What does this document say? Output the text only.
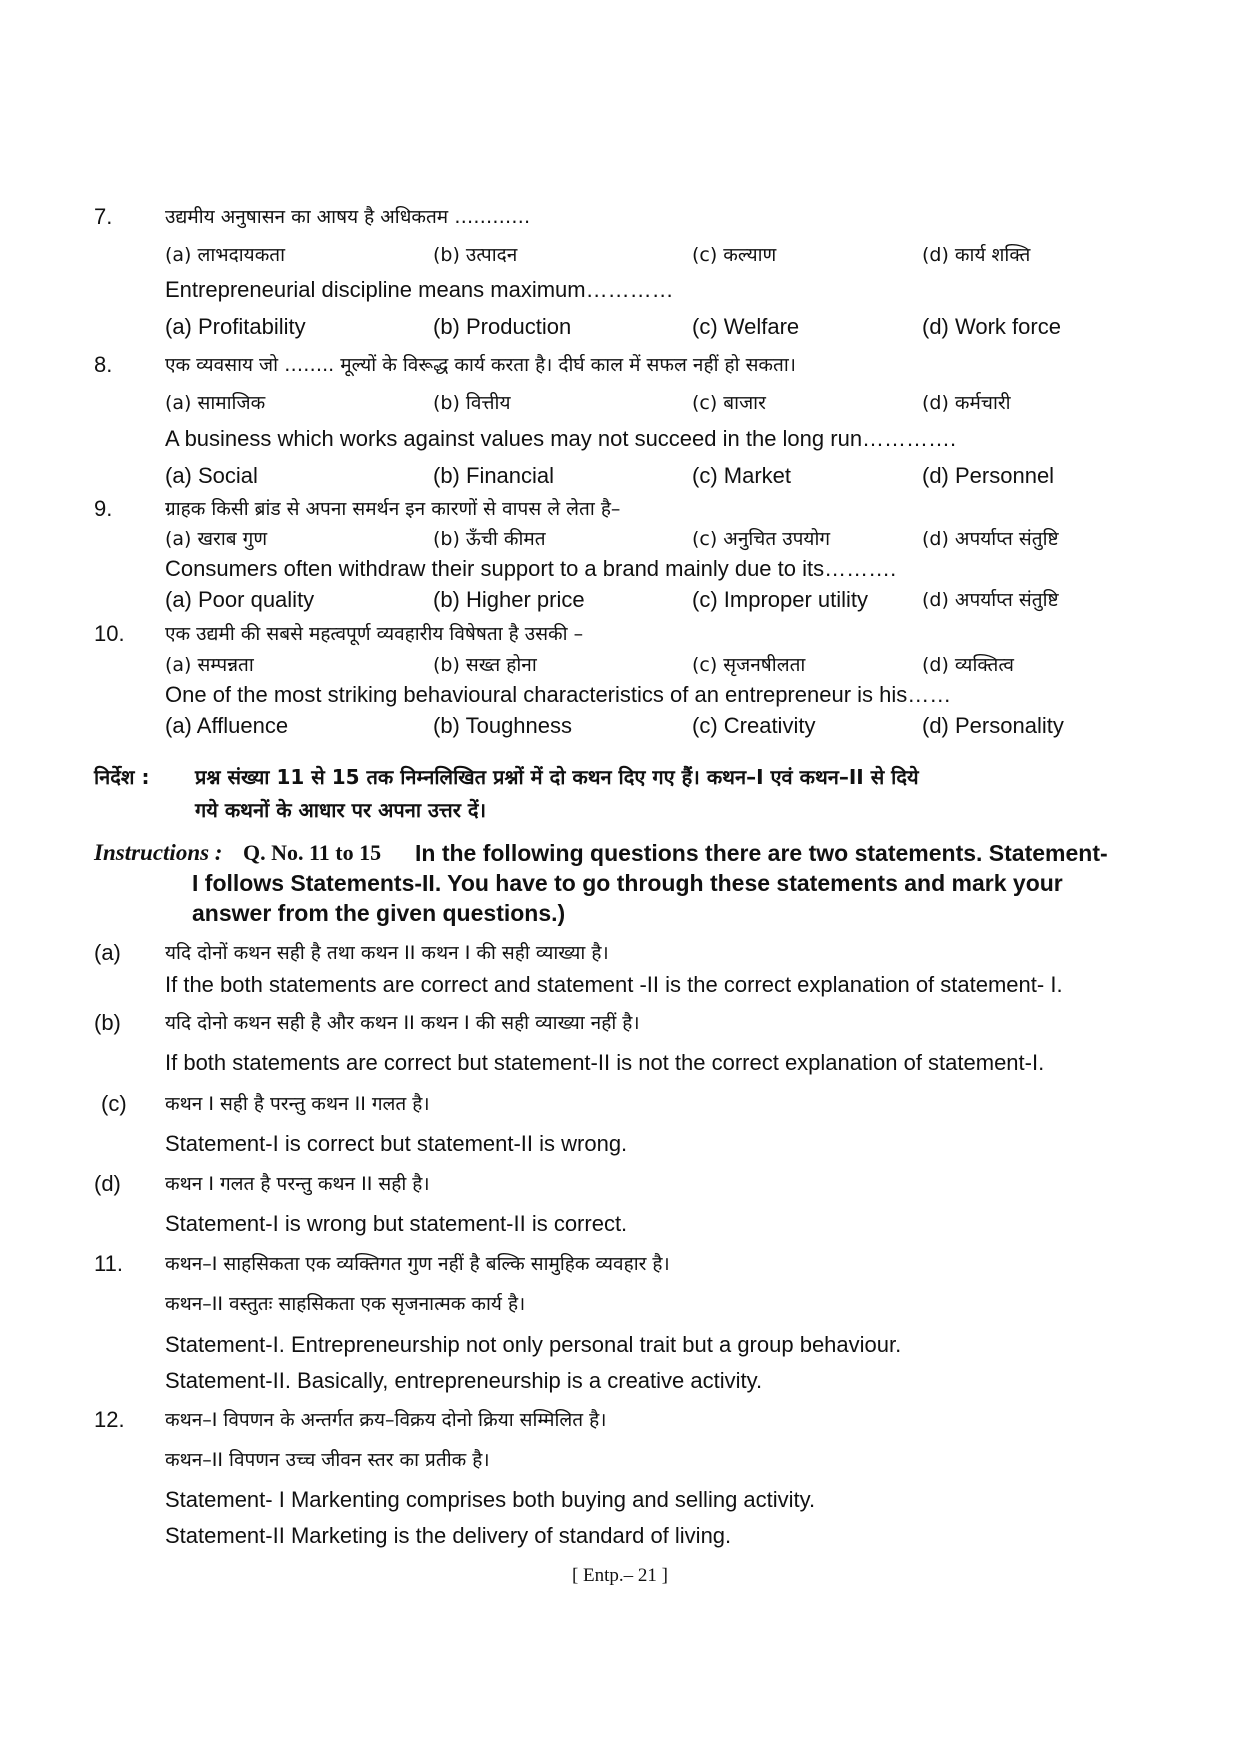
7.	उद्यमीय अनुषासन का आषय है अधिकतम …………
(a) लाभदायकता	(b) उत्पादन	(c) कल्याण	(d) कार्य शक्ति
Entrepreneurial discipline means maximum…………
(a) Profitability	(b) Production	(c) Welfare	(d) Work force
8.	एक व्यवसाय जो …….. मूल्यों के विरूद्ध कार्य करता है। दीर्घ काल में सफल नहीं हो सकता।
(a) सामाजिक	(b) वित्तीय	(c) बाजार	(d) कर्मचारी
A business which works against values may not succeed in the long run………….
(a) Social	(b) Financial	(c) Market	(d) Personnel
9.	ग्राहक किसी ब्रांड से अपना समर्थन इन कारणों से वापस ले लेता है–
(a) खराब गुण	(b) ऊँची कीमत	(c) अनुचित उपयोग	(d) अपर्याप्त संतुष्टि
Consumers often withdraw their support to a brand mainly due to its……….
(a) Poor quality	(b) Higher price	(c) Improper utility	(d) अपर्याप्त संतुष्टि
10. एक उद्यमी की सबसे महत्वपूर्ण व्यवहारीय विषेषता है उसकी –
(a) सम्पन्नता	(b) सख्त होना	(c) सृजनषीलता	(d) व्यक्तित्व
One of the most striking behavioural characteristics of an entrepreneur is his……
(a) Affluence	(b) Toughness	(c) Creativity	(d) Personality
निर्देश : प्रश्न संख्या 11 से 15 तक निम्नलिखित प्रश्नों में दो कथन दिए गए हैं। कथन–I एवं कथन–II से दिये
गये कथनों के आधार पर अपना उत्तर दें।
Instructions : Q. No. 11 to 15 In the following questions there are two statements. Statement-
I follows Statements-II. You have to go through these statements and mark your
answer from the given questions.)
(a) यदि दोनों कथन सही है तथा कथन II कथन I की सही व्याख्या है।
If the both statements are correct and statement -II is the correct explanation of statement- I.
(b) यदि दोनो कथन सही है और कथन II कथन I की सही व्याख्या नहीं है।
If both statements are correct but statement-II is not the correct explanation of statement-I.
(c) कथन I सही है परन्तु कथन II गलत है।
Statement-I is correct but statement-II is wrong.
(d) कथन I गलत है परन्तु कथन II सही है।
Statement-I is wrong but statement-II is correct.
11. कथन–I साहसिकता एक व्यक्तिगत गुण नहीं है बल्कि सामुहिक व्यवहार है।
कथन–II वस्तुतः साहसिकता एक सृजनात्मक कार्य है।
Statement-I. Entrepreneurship not only personal trait but a group behaviour.
Statement-II. Basically, entrepreneurship is a creative activity.
12. कथन–I विपणन के अन्तर्गत क्रय–विक्रय दोनो क्रिया सम्मिलित है।
कथन–II विपणन उच्च जीवन स्तर का प्रतीक है।
Statement- I Markenting comprises both buying and selling activity.
Statement-II Marketing is the delivery of standard of living.
[ Entp.– 21 ]
